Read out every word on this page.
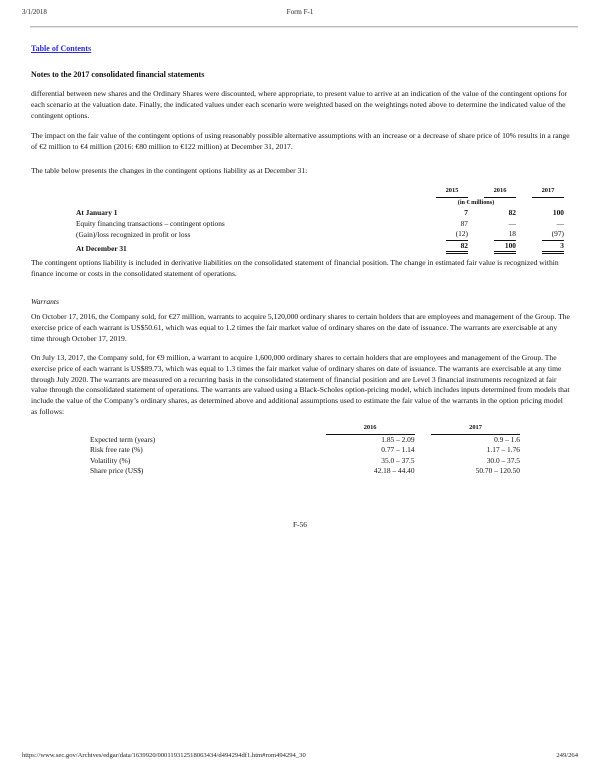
3/1/2018	Form F-1
Table of Contents
Notes to the 2017 consolidated financial statements
differential between new shares and the Ordinary Shares were discounted, where appropriate, to present value to arrive at an indication of the value of the contingent options for each scenario at the valuation date. Finally, the indicated values under each scenario were weighted based on the weightings noted above to determine the indicated value of the contingent options.
The impact on the fair value of the contingent options of using reasonably possible alternative assumptions with an increase or a decrease of share price of 10% results in a range of €2 million to €4 million (2016: €80 million to €122 million) at December 31, 2017.
The table below presents the changes in the contingent options liability as at December 31:
	2015	2016	2017
	(in € millions)		
At January 1	7	82	100
Equity financing transactions – contingent options	87	—	—
(Gain)/loss recognized in profit or loss	(12)	18	(97)
At December 31	82	100	3
The contingent options liability is included in derivative liabilities on the consolidated statement of financial position. The change in estimated fair value is recognized within finance income or costs in the consolidated statement of operations.
Warrants
On October 17, 2016, the Company sold, for €27 million, warrants to acquire 5,120,000 ordinary shares to certain holders that are employees and management of the Group. The exercise price of each warrant is US$50.61, which was equal to 1.2 times the fair market value of ordinary shares on the date of issuance. The warrants are exercisable at any time through October 17, 2019.
On July 13, 2017, the Company sold, for €9 million, a warrant to acquire 1,600,000 ordinary shares to certain holders that are employees and management of the Group. The exercise price of each warrant is US$89.73, which was equal to 1.3 times the fair market value of ordinary shares on date of issuance. The warrants are exercisable at any time through July 2020. The warrants are measured on a recurring basis in the consolidated statement of financial position and are Level 3 financial instruments recognized at fair value through the consolidated statement of operations. The warrants are valued using a Black-Scholes option-pricing model, which includes inputs determined from models that include the value of the Company’s ordinary shares, as determined above and additional assumptions used to estimate the fair value of the warrants in the option pricing model as follows:
	2016		2017
Expected term (years)	1.85 – 2.09		0.9 – 1.6
Risk free rate (%)	0.77 – 1.14		1.17 – 1.76
Volatility (%)	35.0 – 37.5		30.0 – 37.5
Share price (US$)	42.18 – 44.40		50.70 – 120.50
F-56
https://www.sec.gov/Archives/edgar/data/1639920/000119312518063434/d494294df1.htm#rom494294_30	249/264
